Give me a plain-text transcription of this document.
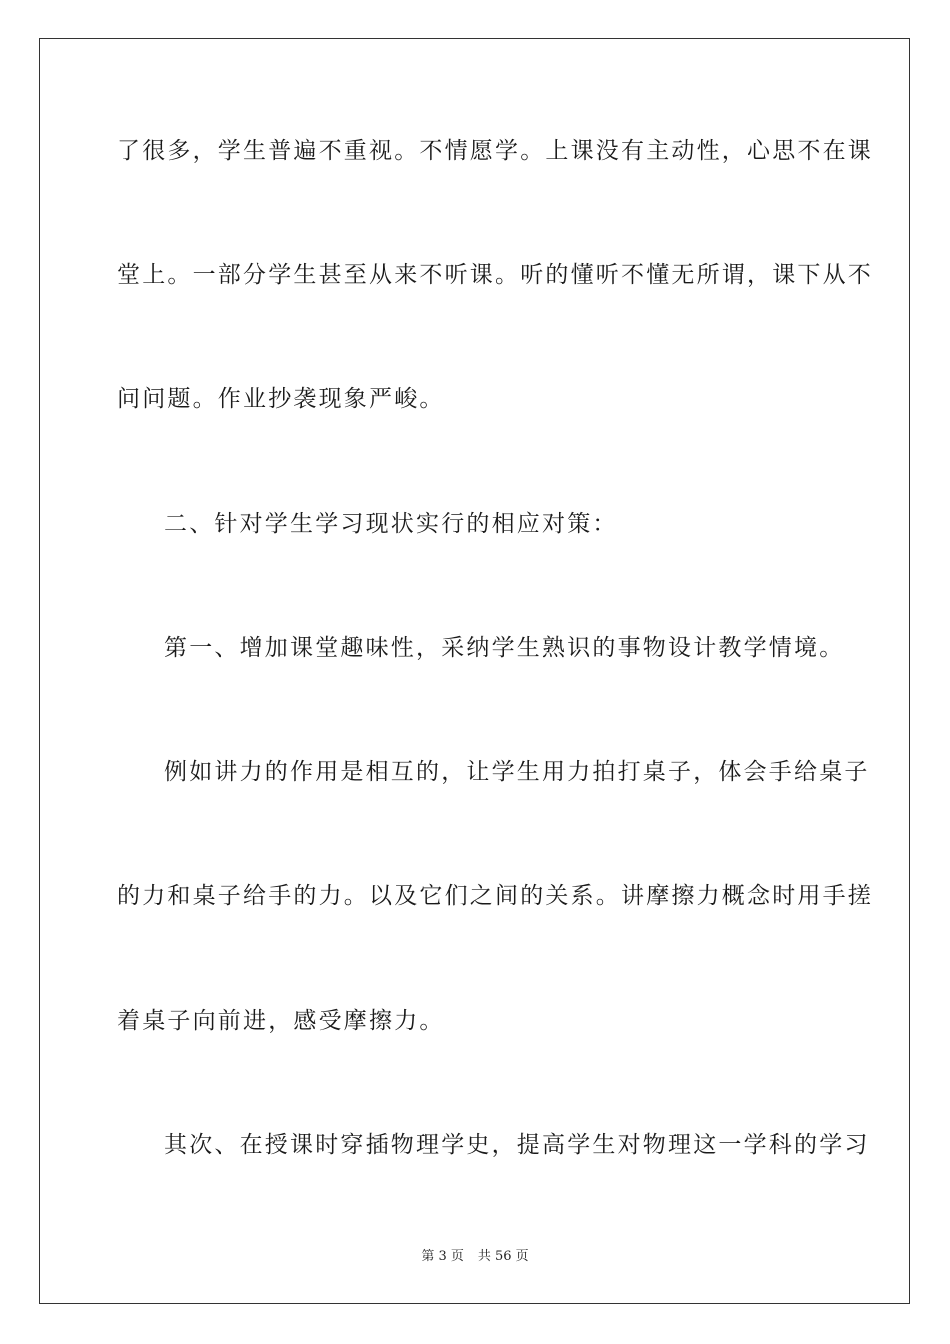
了很多，学生普遍不重视。不情愿学。上课没有主动性，心思不在课

堂上。一部分学生甚至从来不听课。听的懂听不懂无所谓，课下从不

问问题。作业抄袭现象严峻。

二、针对学生学习现状实行的相应对策：

第一、增加课堂趣味性，采纳学生熟识的事物设计教学情境。

例如讲力的作用是相互的，让学生用力拍打桌子，体会手给桌子

的力和桌子给手的力。以及它们之间的关系。讲摩擦力概念时用手搓

着桌子向前进，感受摩擦力。

其次、在授课时穿插物理学史，提高学生对物理这一学科的学习

第 3 页 共 56 页
